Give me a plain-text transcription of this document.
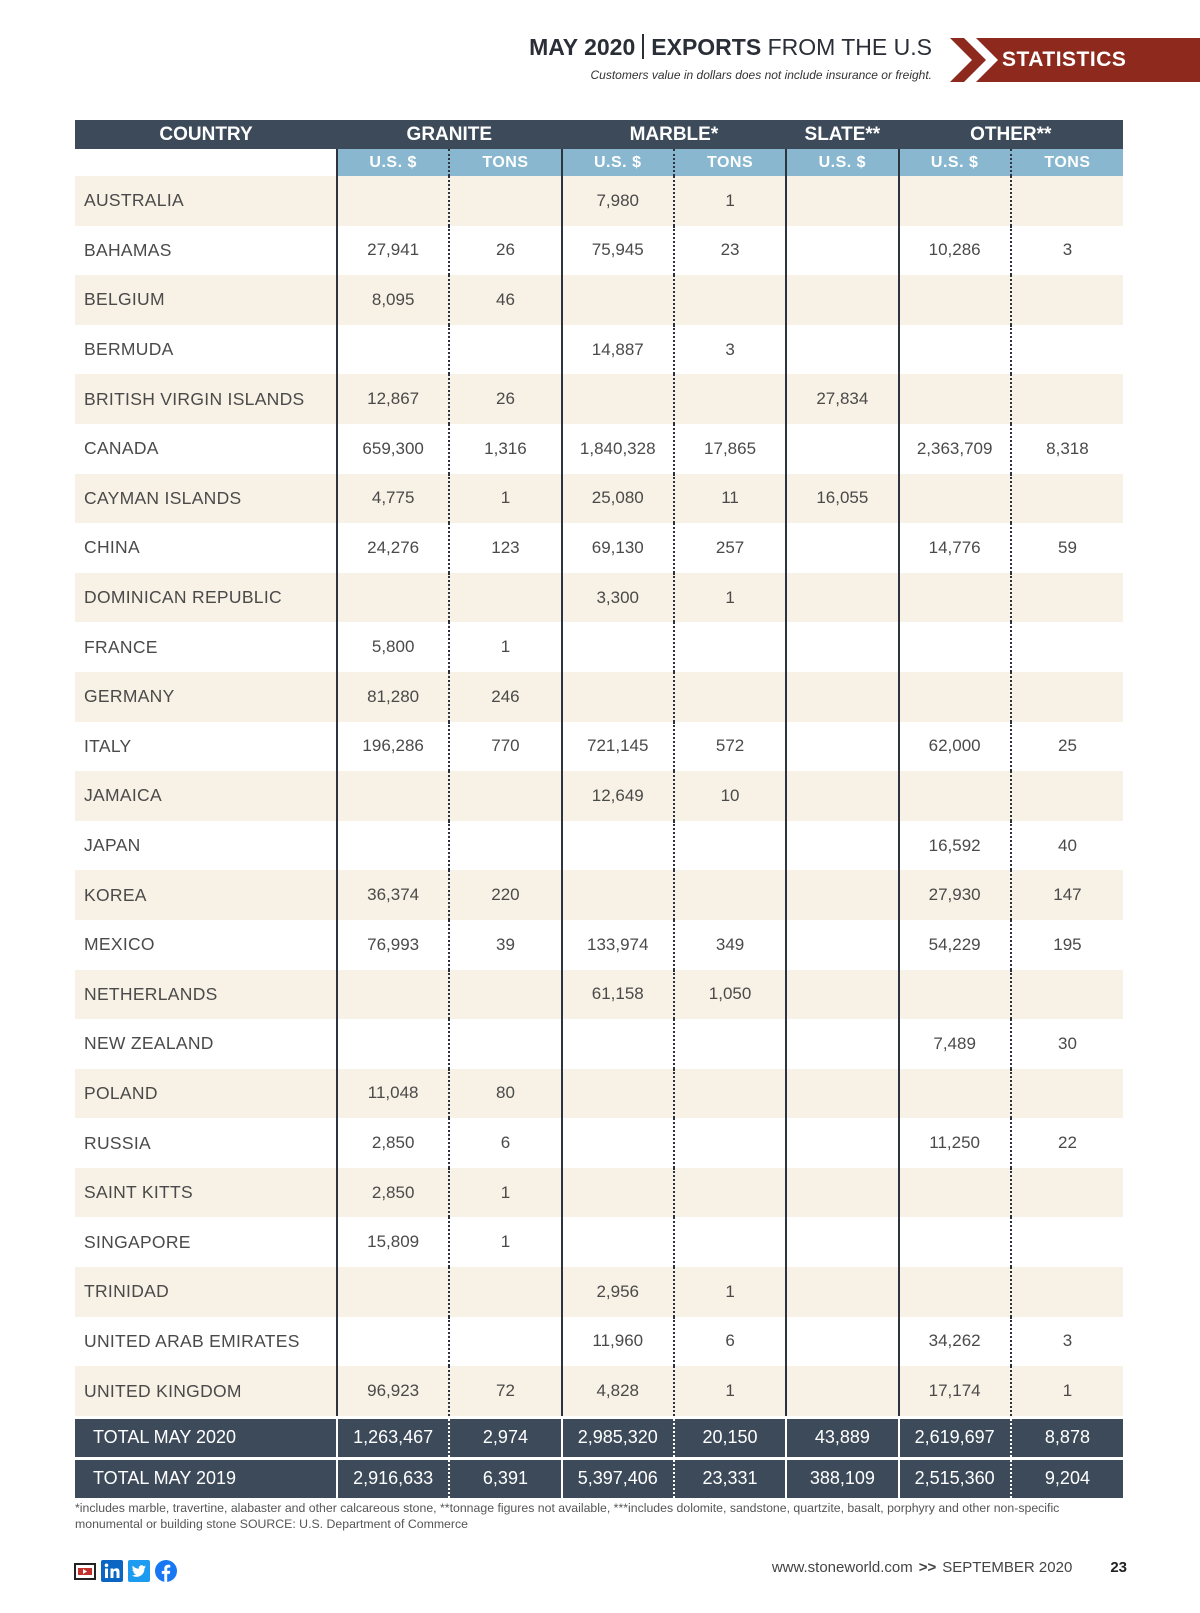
MAY 2020 EXPORTS FROM THE U.S
Customers value in dollars does not include insurance or freight.
STATISTICS
COUNTRY	GRANITE		MARBLE*		SLATE**	OTHER**	
	U.S. $	TONS	U.S. $	TONS	U.S. $	U.S. $	TONS
AUSTRALIA			7,980	1			
BAHAMAS	27,941	26	75,945	23		10,286	3
BELGIUM	8,095	46					
BERMUDA			14,887	3			
BRITISH VIRGIN ISLANDS	12,867	26			27,834		
CANADA	659,300	1,316	1,840,328	17,865		2,363,709	8,318
CAYMAN ISLANDS	4,775	1	25,080	11	16,055		
CHINA	24,276	123	69,130	257		14,776	59
DOMINICAN REPUBLIC			3,300	1			
FRANCE	5,800	1					
GERMANY	81,280	246					
ITALY	196,286	770	721,145	572		62,000	25
JAMAICA			12,649	10			
JAPAN						16,592	40
KOREA	36,374	220				27,930	147
MEXICO	76,993	39	133,974	349		54,229	195
NETHERLANDS			61,158	1,050			
NEW ZEALAND						7,489	30
POLAND	11,048	80					
RUSSIA	2,850	6				11,250	22
SAINT KITTS	2,850	1					
SINGAPORE	15,809	1					
TRINIDAD			2,956	1			
UNITED ARAB EMIRATES			11,960	6		34,262	3
UNITED KINGDOM	96,923	72	4,828	1		17,174	1

TOTAL MAY 2020	1,263,467	2,974	2,985,320	20,150	43,889	2,619,697	8,878

TOTAL MAY 2019	2,916,633	6,391	5,397,406	23,331	388,109	2,515,360	9,204
*includes marble, travertine, alabaster and other calcareous stone, **tonnage figures not available, ***includes dolomite, sandstone, quartzite, basalt, porphyry and other non-specific monumental or building stone SOURCE: U.S. Department of Commerce
www.stoneworld.com >> SEPTEMBER 2020	23
